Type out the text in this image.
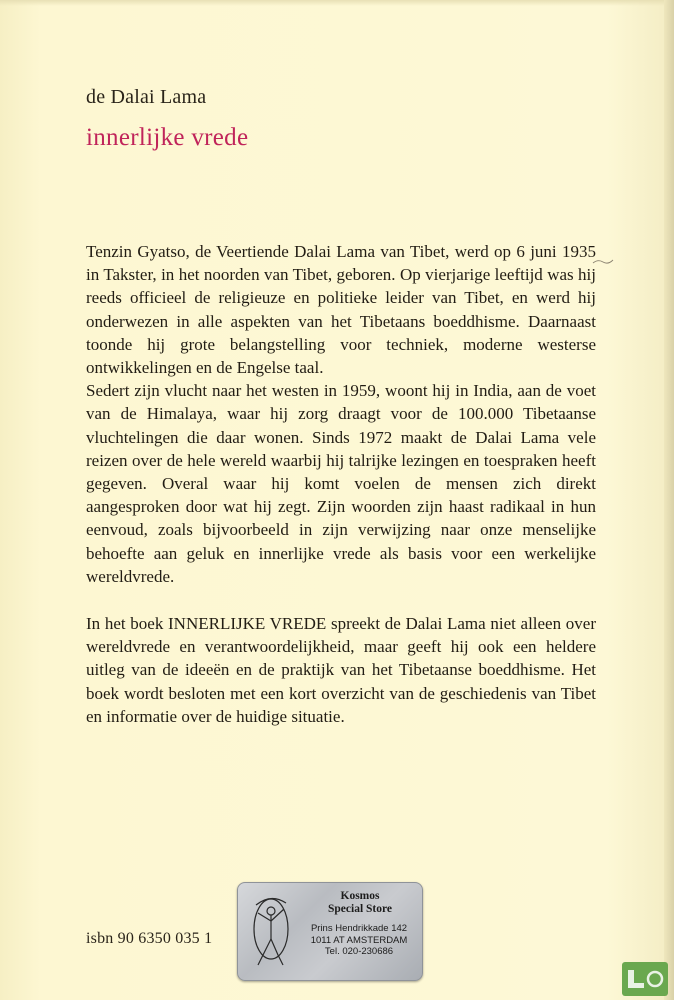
de Dalai Lama
innerlijke vrede

Tenzin Gyatso, de Veertiende Dalai Lama van Tibet, werd op 6 juni 1935 in Takster, in het noorden van Tibet, geboren. Op vierjarige leeftijd was hij reeds officieel de religieuze en politieke leider van Tibet, en werd hij onderwezen in alle aspekten van het Tibetaans boeddhisme. Daarnaast toonde hij grote belangstelling voor techniek, moderne westerse ontwikkelingen en de Engelse taal.

Sedert zijn vlucht naar het westen in 1959, woont hij in India, aan de voet van de Himalaya, waar hij zorg draagt voor de 100.000 Tibetaanse vluchtelingen die daar wonen. Sinds 1972 maakt de Dalai Lama vele reizen over de hele wereld waarbij hij talrijke lezingen en toespraken heeft gegeven. Overal waar hij komt voelen de mensen zich direkt aangesproken door wat hij zegt. Zijn woorden zijn haast radikaal in hun eenvoud, zoals bijvoorbeeld in zijn verwijzing naar onze menselijke behoefte aan geluk en innerlijke vrede als basis voor een werkelijke wereldvrede.

In het boek INNERLIJKE VREDE spreekt de Dalai Lama niet alleen over wereldvrede en verantwoordelijkheid, maar geeft hij ook een heldere uitleg van de ideeën en de praktijk van het Tibetaanse boeddhisme. Het boek wordt besloten met een kort overzicht van de geschiedenis van Tibet en informatie over de huidige situatie.

isbn 90 6350 035 1
Kosmos
Special Store
Prins Hendrikkade 142
1011 AT AMSTERDAM
Tel. 020-230686
